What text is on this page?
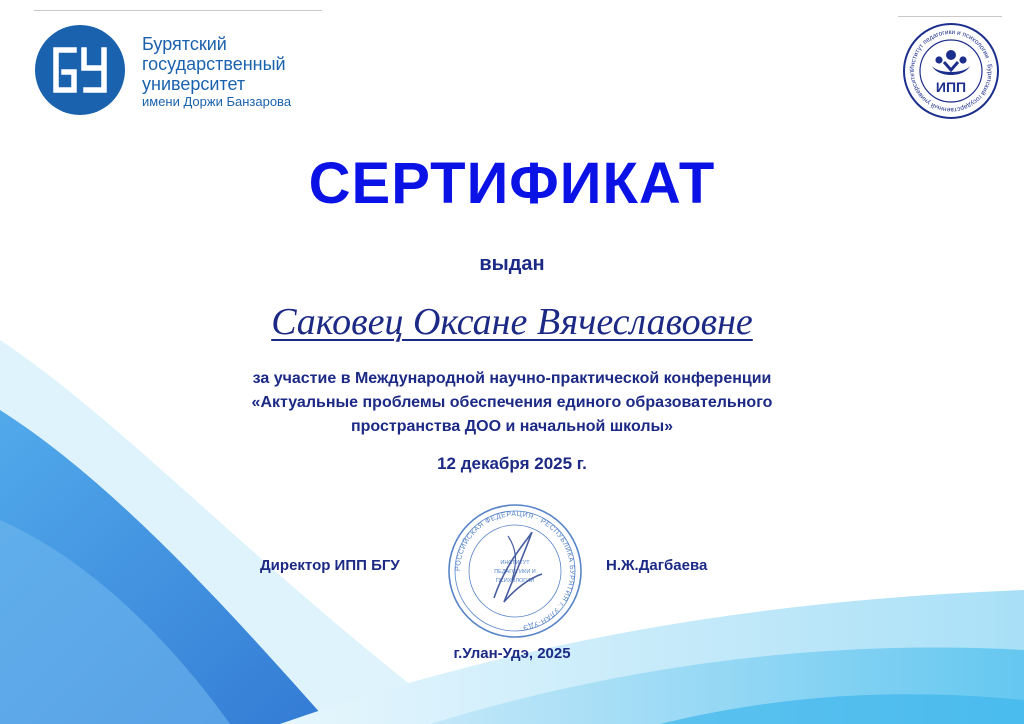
Бурятский
государственный
университет
имени Доржи Банзарова
Институт педагогики и психологии · Бурятский государственный университет
ИПП
СЕРТИФИКАТ
выдан
Саковец Оксане Вячеславовне
за участие в Международной научно-практической конференции
«Актуальные проблемы обеспечения единого образовательного
пространства ДОО и начальной школы»
12 декабря 2025 г.
Директор ИПП БГУ	Н.Ж.Дагбаева
РОССИЙСКАЯ ФЕДЕРАЦИЯ · РЕСПУБЛИКА БУРЯТИЯ г. УЛАН-УДЭ
ИНСТИТУТ
ПЕДАГОГИКИ И
ПСИХОЛОГИИ
г.Улан-Удэ, 2025
